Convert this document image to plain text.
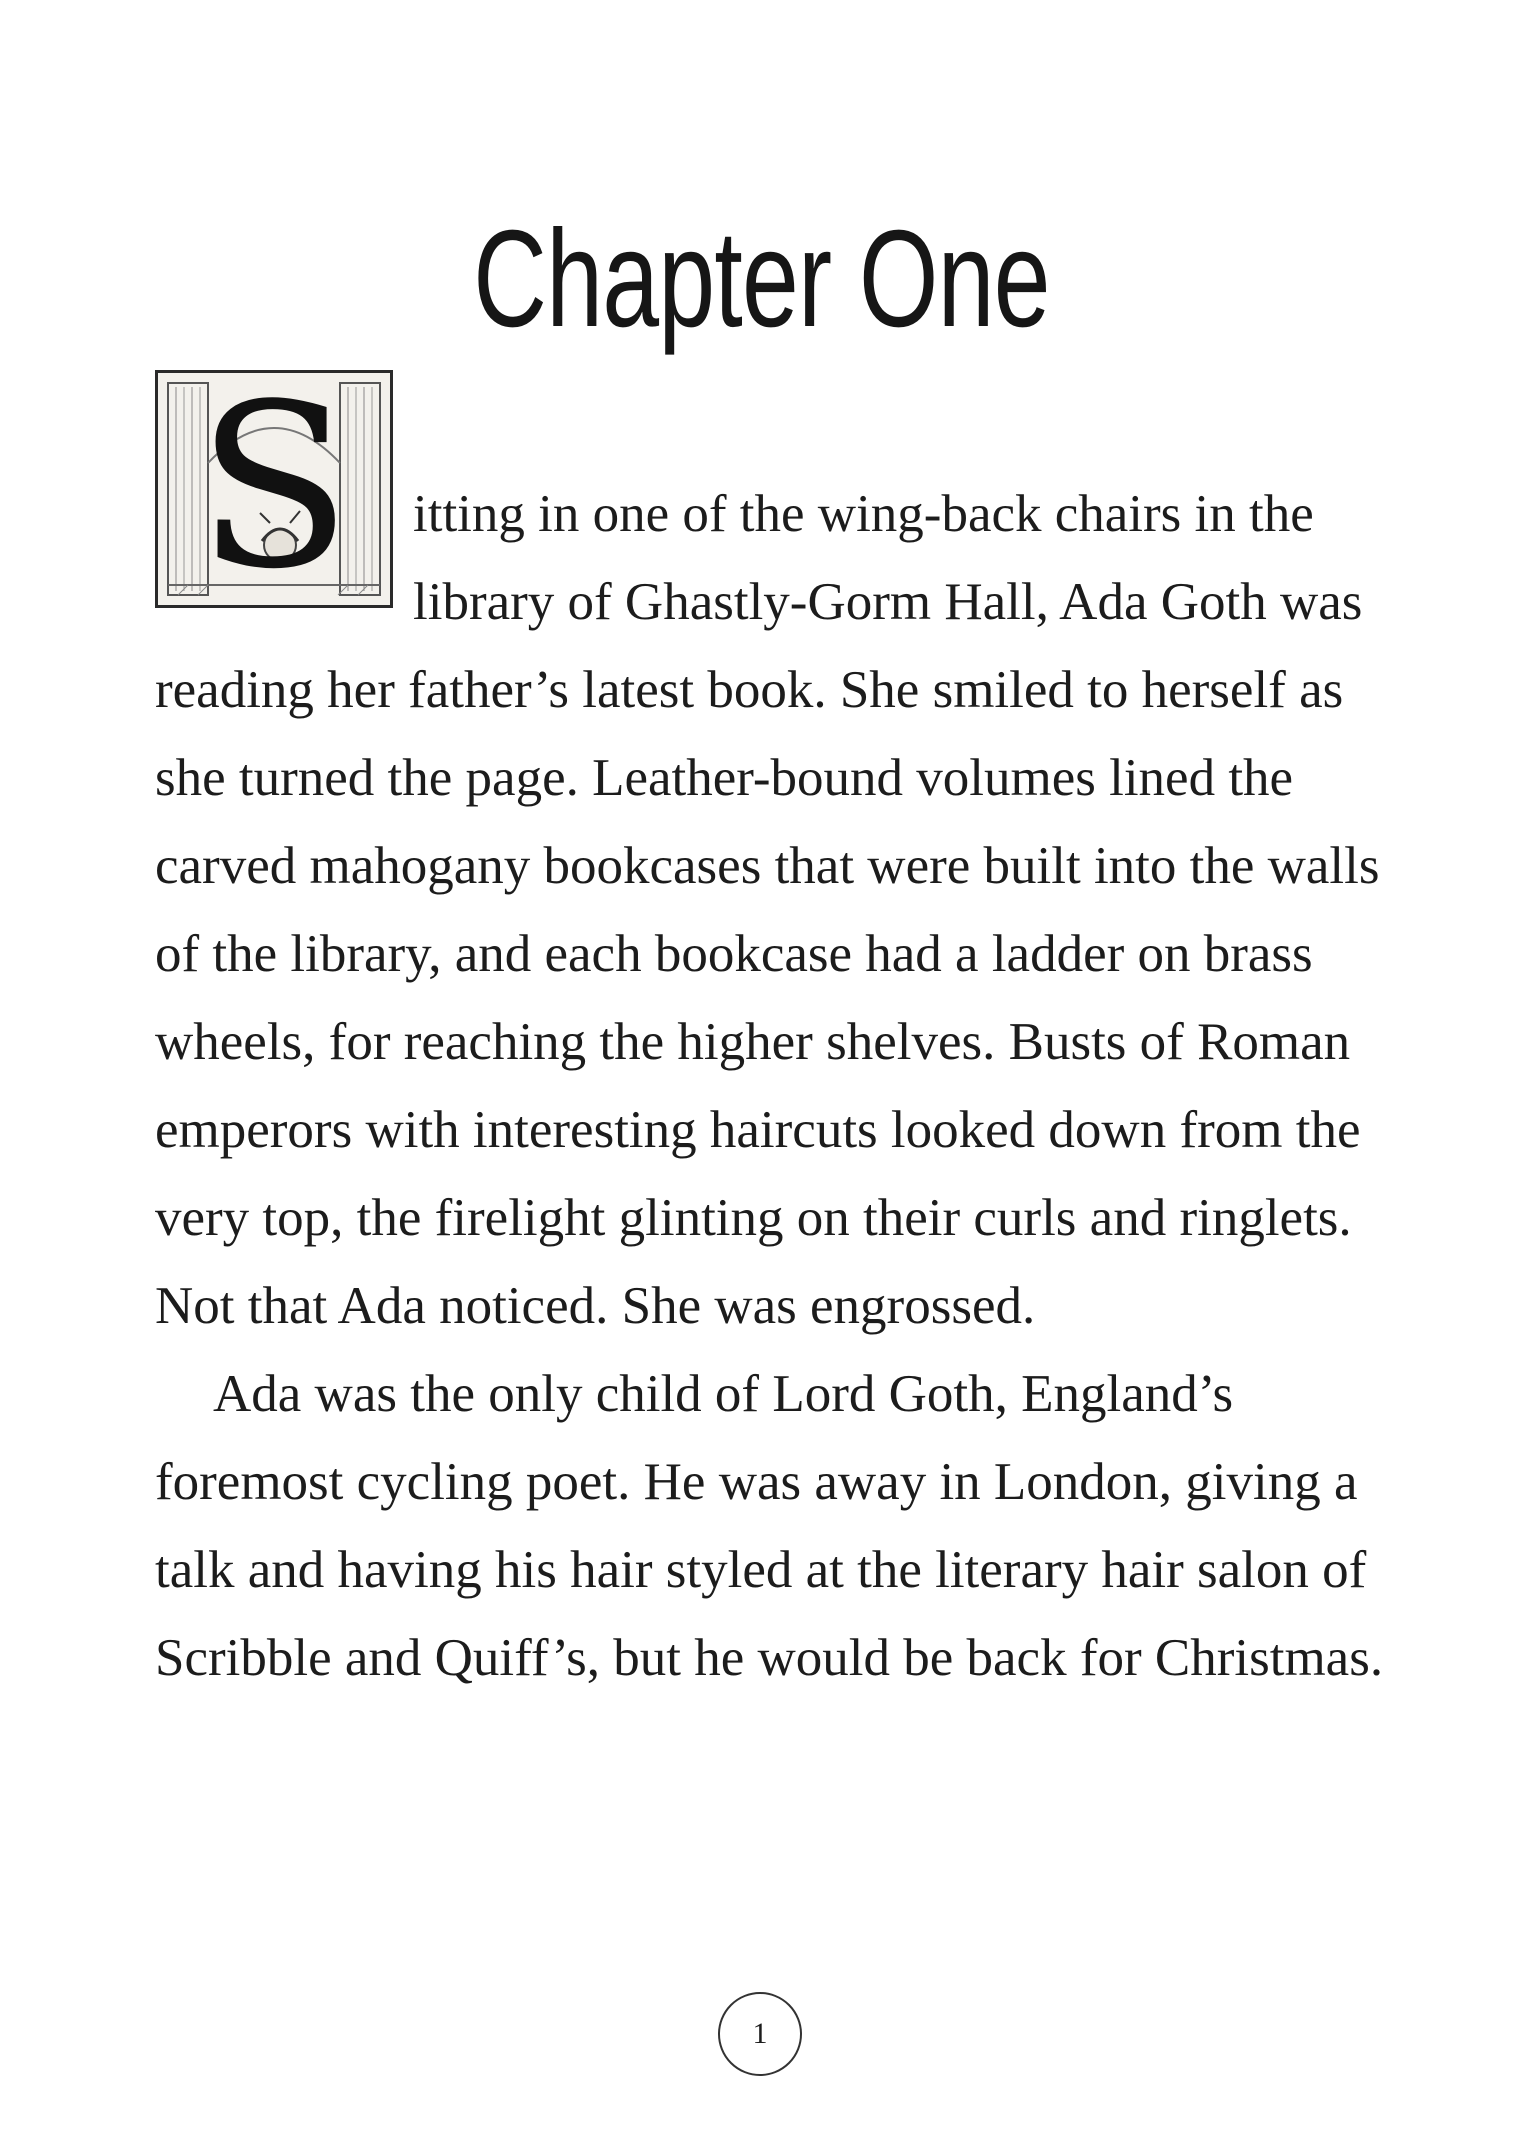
Chapter One

S	itting in one of the wing-back chairs in the library of Ghastly-Gorm Hall, Ada Goth was reading her father’s latest book. She smiled to herself as she turned the page. Leather-bound volumes lined the carved mahogany bookcases that were built into the walls of the library, and each bookcase had a ladder on brass wheels, for reaching the higher shelves. Busts of Roman emperors with interesting haircuts looked down from the very top, the firelight glinting on their curls and ringlets. Not that Ada noticed. She was engrossed.

Ada was the only child of Lord Goth, England’s foremost cycling poet. He was away in London, giving a talk and having his hair styled at the literary hair salon of Scribble and Quiff’s, but he would be back for Christmas.

1
